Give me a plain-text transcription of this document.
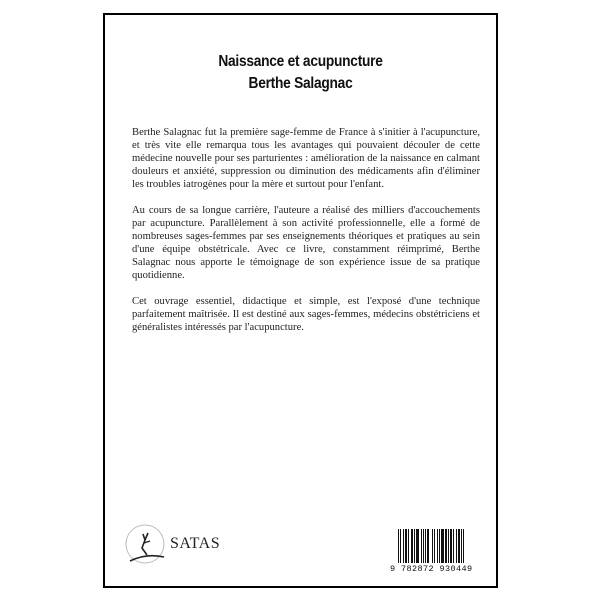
Naissance et acupuncture
Berthe Salagnac

Berthe Salagnac fut la première sage-femme de France à s'initier à l'acupuncture, et très vite elle remarqua tous les avantages qui pouvaient découler de cette médecine nouvelle pour ses parturientes : amélioration de la naissance en calmant douleurs et anxiété, suppression ou diminution des médicaments afin d'éliminer les troubles iatrogènes pour la mère et surtout pour l'enfant.

Au cours de sa longue carrière, l'auteure a réalisé des milliers d'accouchements par acupuncture. Parallèlement à son activité professionnelle, elle a formé de nombreuses sages-femmes par ses enseignements théoriques et pratiques au sein d'une équipe obstétricale. Avec ce livre, constamment réimprimé, Berthe Salagnac nous apporte le témoignage de son expérience issue de sa pratique quotidienne.

Cet ouvrage essentiel, didactique et simple, est l'exposé d'une technique parfaitement maîtrisée. Il est destiné aux sages-femmes, médecins obstétriciens et généralistes intéressés par l'acupuncture.

SATAS
9 782872 930449
